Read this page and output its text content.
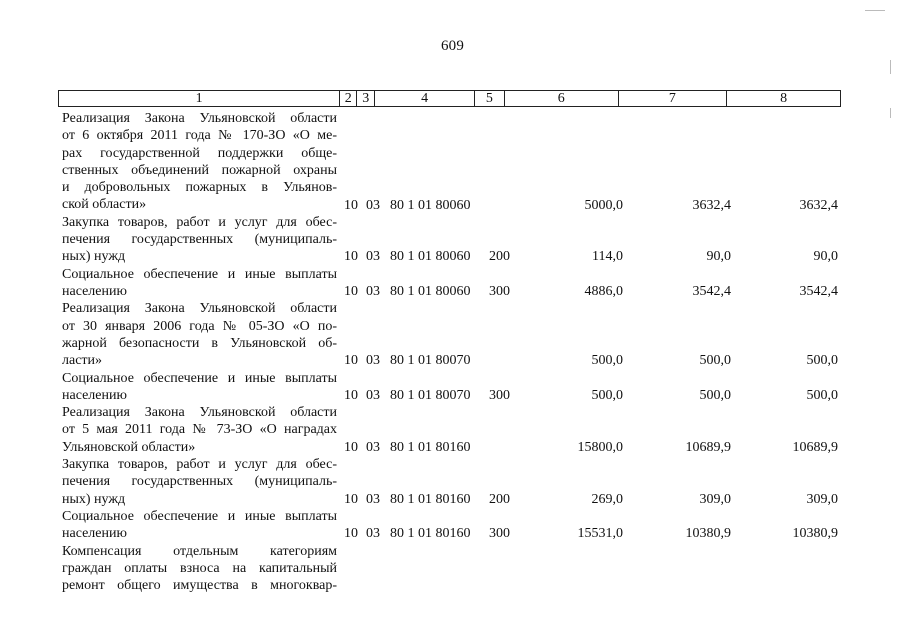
609
1	2 3	4	5	6	7	8
Реализация Закона Ульяновской области
от 6 октября 2011 года № 170-ЗО «О ме-
рах государственной поддержки обще-
ственных объединений пожарной охраны
и добровольных пожарных в Ульянов-
ской области»	10 03 80 1 01 80060	5000,0	3632,4	3632,4
Закупка товаров, работ и услуг для обес-
печения государственных (муниципаль-
ных) нужд	10 03 80 1 01 80060 200	114,0	90,0	90,0
Социальное обеспечение и иные выплаты
населению	10 03 80 1 01 80060 300	4886,0	3542,4	3542,4
Реализация Закона Ульяновской области
от 30 января 2006 года № 05-ЗО «О по-
жарной безопасности в Ульяновской об-
ласти»	10 03 80 1 01 80070	500,0	500,0	500,0
Социальное обеспечение и иные выплаты
населению	10 03 80 1 01 80070 300	500,0	500,0	500,0
Реализация Закона Ульяновской области
от 5 мая 2011 года № 73-ЗО «О наградах
Ульяновской области»	10 03 80 1 01 80160	15800,0	10689,9	10689,9
Закупка товаров, работ и услуг для обес-
печения государственных (муниципаль-
ных) нужд	10 03 80 1 01 80160 200	269,0	309,0	309,0
Социальное обеспечение и иные выплаты
населению	10 03 80 1 01 80160 300	15531,0	10380,9	10380,9
Компенсация отдельным категориям
граждан оплаты взноса на капитальный
ремонт общего имущества в многоквар-
